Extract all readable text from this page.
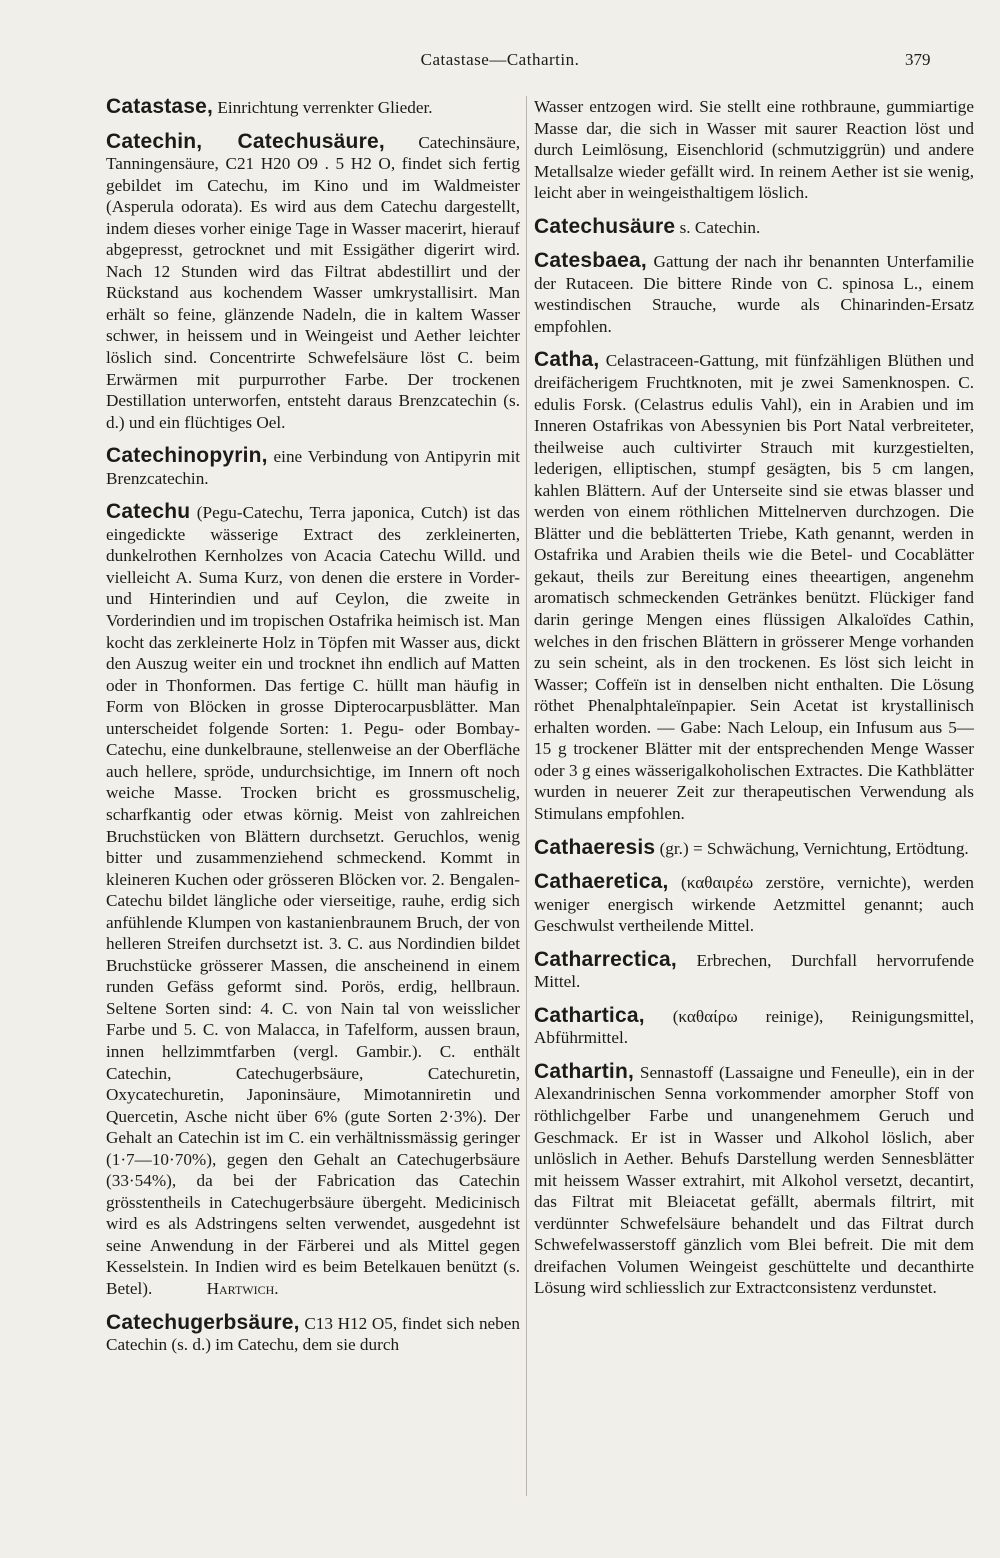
Catastase—Cathartin.	379

Catastase, Einrichtung verrenkter Glieder.

Catechin, Catechusäure, Catechinsäure, Tanningensäure, C21 H20 O9 . 5 H2 O, findet sich fertig gebildet im Catechu, im Kino und im Waldmeister (Asperula odorata). Es wird aus dem Catechu dargestellt, indem dieses vorher einige Tage in Wasser macerirt, hierauf abgepresst, getrocknet und mit Essigäther digerirt wird. Nach 12 Stunden wird das Filtrat abdestillirt und der Rückstand aus kochendem Wasser umkrystallisirt. Man erhält so feine, glänzende Nadeln, die in kaltem Wasser schwer, in heissem und in Weingeist und Aether leichter löslich sind. Concentrirte Schwefelsäure löst C. beim Erwärmen mit purpurrother Farbe. Der trockenen Destillation unterworfen, entsteht daraus Brenzcatechin (s. d.) und ein flüchtiges Oel.

Catechinopyrin, eine Verbindung von Antipyrin mit Brenzcatechin.

Catechu (Pegu-Catechu, Terra japonica, Cutch) ist das eingedickte wässerige Extract des zerkleinerten, dunkelrothen Kernholzes von Acacia Catechu Willd. und vielleicht A. Suma Kurz, von denen die erstere in Vorder- und Hinterindien und auf Ceylon, die zweite in Vorderindien und im tropischen Ostafrika heimisch ist. Man kocht das zerkleinerte Holz in Töpfen mit Wasser aus, dickt den Auszug weiter ein und trocknet ihn endlich auf Matten oder in Thonformen. Das fertige C. hüllt man häufig in Form von Blöcken in grosse Dipterocarpusblätter. Man unterscheidet folgende Sorten: 1. Pegu- oder Bombay-Catechu, eine dunkelbraune, stellenweise an der Oberfläche auch hellere, spröde, undurchsichtige, im Innern oft noch weiche Masse. Trocken bricht es grossmuschelig, scharfkantig oder etwas körnig. Meist von zahlreichen Bruchstücken von Blättern durchsetzt. Geruchlos, wenig bitter und zusammenziehend schmeckend. Kommt in kleineren Kuchen oder grösseren Blöcken vor. 2. Bengalen-Catechu bildet längliche oder vierseitige, rauhe, erdig sich anfühlende Klumpen von kastanienbraunem Bruch, der von helleren Streifen durchsetzt ist. 3. C. aus Nordindien bildet Bruchstücke grösserer Massen, die anscheinend in einem runden Gefäss geformt sind. Porös, erdig, hellbraun. Seltene Sorten sind: 4. C. von Nain tal von weisslicher Farbe und 5. C. von Malacca, in Tafelform, aussen braun, innen hellzimmtfarben (vergl. Gambir.). C. enthält Catechin, Catechugerbsäure, Catechuretin, Oxycatechuretin, Japoninsäure, Mimotanniretin und Quercetin, Asche nicht über 6% (gute Sorten 2·3%). Der Gehalt an Catechin ist im C. ein verhältnissmässig geringer (1·7—10·70%), gegen den Gehalt an Catechugerbsäure (33·54%), da bei der Fabrication das Catechin grösstentheils in Catechugerbsäure übergeht. Medicinisch wird es als Adstringens selten verwendet, ausgedehnt ist seine Anwendung in der Färberei und als Mittel gegen Kesselstein. In Indien wird es beim Betelkauen benützt (s. Betel).	Hartwich.

Catechugerbsäure, C13 H12 O5, findet sich neben Catechin (s. d.) im Catechu, dem sie durch

Wasser entzogen wird. Sie stellt eine rothbraune, gummiartige Masse dar, die sich in Wasser mit saurer Reaction löst und durch Leimlösung, Eisenchlorid (schmutziggrün) und andere Metallsalze wieder gefällt wird. In reinem Aether ist sie wenig, leicht aber in weingeisthaltigem löslich.

Catechusäure s. Catechin.

Catesbaea, Gattung der nach ihr benannten Unterfamilie der Rutaceen. Die bittere Rinde von C. spinosa L., einem westindischen Strauche, wurde als Chinarinden-Ersatz empfohlen.

Catha, Celastraceen-Gattung, mit fünfzähligen Blüthen und dreifächerigem Fruchtknoten, mit je zwei Samenknospen. C. edulis Forsk. (Celastrus edulis Vahl), ein in Arabien und im Inneren Ostafrikas von Abessynien bis Port Natal verbreiteter, theilweise auch cultivirter Strauch mit kurzgestielten, lederigen, elliptischen, stumpf gesägten, bis 5 cm langen, kahlen Blättern. Auf der Unterseite sind sie etwas blasser und werden von einem röthlichen Mittelnerven durchzogen. Die Blätter und die beblätterten Triebe, Kath genannt, werden in Ostafrika und Arabien theils wie die Betel- und Cocablätter gekaut, theils zur Bereitung eines theeartigen, angenehm aromatisch schmeckenden Getränkes benützt. Flückiger fand darin geringe Mengen eines flüssigen Alkaloïdes Cathin, welches in den frischen Blättern in grösserer Menge vorhanden zu sein scheint, als in den trockenen. Es löst sich leicht in Wasser; Coffeïn ist in denselben nicht enthalten. Die Lösung röthet Phenalphtaleïnpapier. Sein Acetat ist krystallinisch erhalten worden. — Gabe: Nach Leloup, ein Infusum aus 5—15 g trockener Blätter mit der entsprechenden Menge Wasser oder 3 g eines wässerigalkoholischen Extractes. Die Kathblätter wurden in neuerer Zeit zur therapeutischen Verwendung als Stimulans empfohlen.

Cathaeresis (gr.) = Schwächung, Vernichtung, Ertödtung.

Cathaeretica, (καθαιρέω zerstöre, vernichte), werden weniger energisch wirkende Aetzmittel genannt; auch Geschwulst vertheilende Mittel.

Catharrectica, Erbrechen, Durchfall hervorrufende Mittel.

Cathartica, (καθαίρω reinige), Reinigungsmittel, Abführmittel.

Cathartin, Sennastoff (Lassaigne und Feneulle), ein in der Alexandrinischen Senna vorkommender amorpher Stoff von röthlichgelber Farbe und unangenehmem Geruch und Geschmack. Er ist in Wasser und Alkohol löslich, aber unlöslich in Aether. Behufs Darstellung werden Sennesblätter mit heissem Wasser extrahirt, mit Alkohol versetzt, decantirt, das Filtrat mit Bleiacetat gefällt, abermals filtrirt, mit verdünnter Schwefelsäure behandelt und das Filtrat durch Schwefelwasserstoff gänzlich vom Blei befreit. Die mit dem dreifachen Volumen Weingeist geschüttelte und decanthirte Lösung wird schliesslich zur Extractconsistenz verdunstet.
